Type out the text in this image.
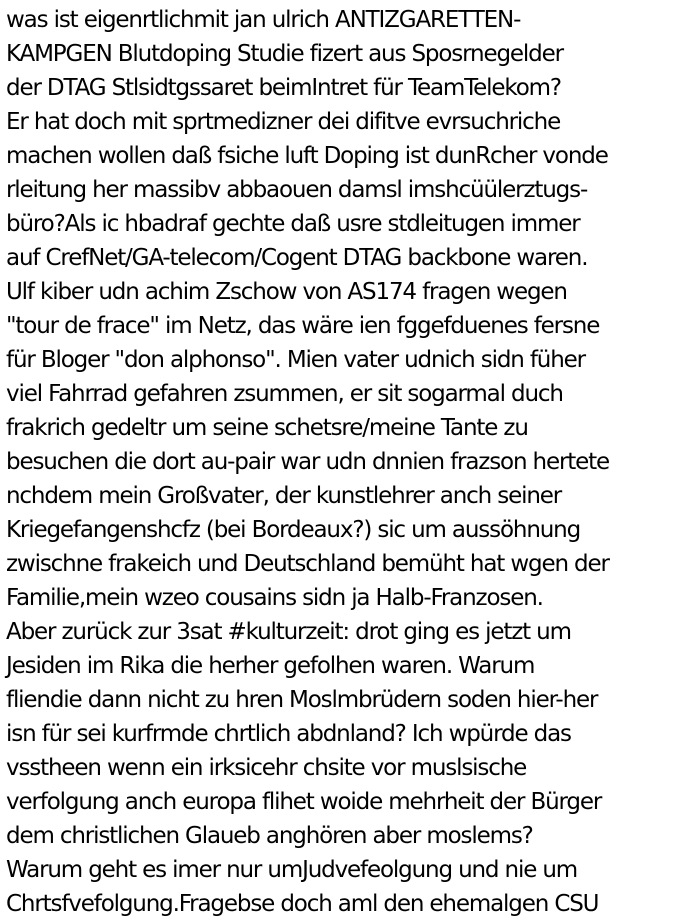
was ist eigenrtlichmit jan ulrich ANTIZGARETTEN-
KAMPGEN Blutdoping Studie fizert aus Sposrnegelder
der DTAG Stlsidtgssaret beimIntret für TeamTelekom?
Er hat doch mit sprtmedizner dei difitve evrsuchriche
machen wollen daß fsiche luft Doping ist dunRcher vonde
rleitung her massibv abbaouen damsl imshcüülerztugs-
büro?Als ic hbadraf gechte daß usre stdleitugen immer
auf CrefNet/GA-telecom/Cogent DTAG backbone waren.
Ulf kiber udn achim Zschow von AS174 fragen wegen
"tour de frace" im Netz, das wäre ien fggefduenes fersne
für Bloger "don alphonso". Mien vater udnich sidn füher
viel Fahrrad gefahren zsummen, er sit sogarmal duch
frakrich gedeltr um seine schetsre/meine Tante zu
besuchen die dort au-pair war udn dnnien frazson hertete
nchdem mein Großvater, der kunstlehrer anch seiner
Kriegefangenshcfz (bei Bordeaux?) sic um aussöhnung
zwischne frakeich und Deutschland bemüht hat wgen der
Familie,mein wzeo cousains sidn ja Halb-Franzosen.
Aber zurück zur 3sat #kulturzeit: drot ging es jetzt um
Jesiden im Rika die herher gefolhen waren. Warum
fliendie dann nicht zu hren Moslmbrüdern soden hier-her
isn für sei kurfrmde chrtlich abdnland? Ich wpürde das
vsstheen wenn ein irksicehr chsite vor muslsische
verfolgung anch europa flihet woide mehrheit der Bürger
dem christlichen Glaueb anghören aber moslems?
Warum geht es imer nur umJudvefeolgung und nie um
Chrtsfvefolgung.Fragebse doch aml den ehemalgen CSU
